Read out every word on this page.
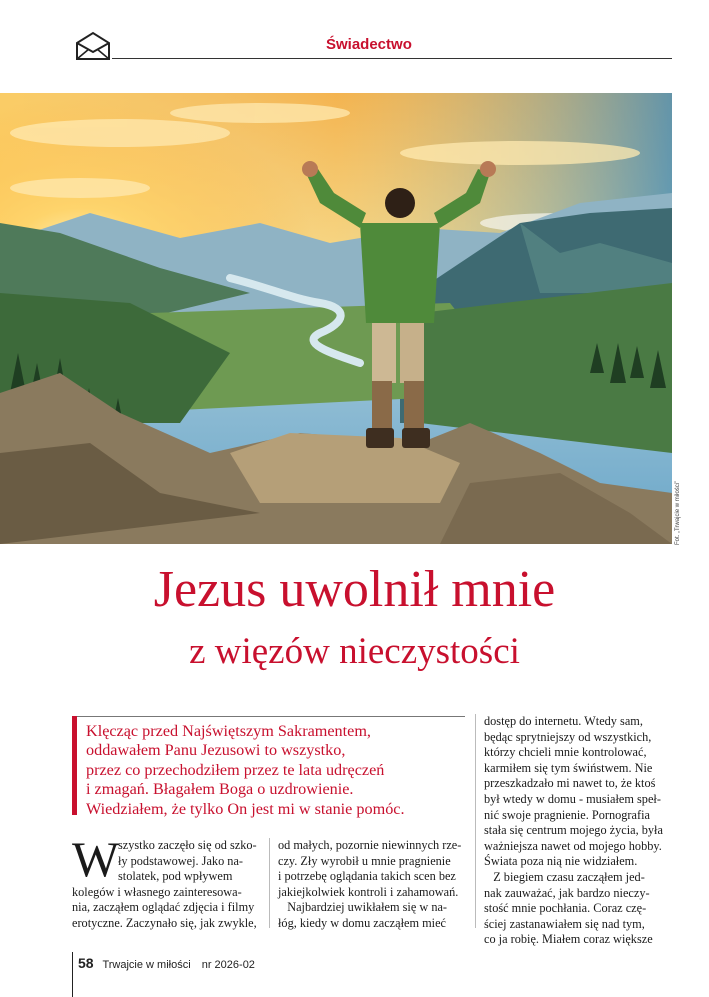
Świadectwo
Fot. „Trwajcie w miłości”
Jezus uwolnił mnie
z więzów nieczystości
Klęcząc przed Najświętszym Sakramentem,
oddawałem Panu Jezusowi to wszystko,
przez co przechodziłem przez te lata udręczeń
i zmagań. Błagałem Boga o uzdrowienie.
Wiedziałem, że tylko On jest mi w stanie pomóc.
W
szystko zaczęło się od szko-
ły podstawowej. Jako na-
stolatek, pod wpływem
kolegów i własnego zainteresowa-
nia, zacząłem oglądać zdjęcia i filmy
erotyczne. Zaczynało się, jak zwykle,
od małych, pozornie niewinnych rze-
czy. Zły wyrobił u mnie pragnienie
i potrzebę oglądania takich scen bez
jakiejkolwiek kontroli i zahamowań.
Najbardziej uwikłałem się w na-
łóg, kiedy w domu zacząłem mieć
dostęp do internetu. Wtedy sam,
będąc sprytniejszy od wszystkich,
którzy chcieli mnie kontrolować,
karmiłem się tym świństwem. Nie
przeszkadzało mi nawet to, że ktoś
był wtedy w domu - musiałem speł-
nić swoje pragnienie. Pornografia
stała się centrum mojego życia, była
ważniejsza nawet od mojego hobby.
Świata poza nią nie widziałem.
Z biegiem czasu zacząłem jed-
nak zauważać, jak bardzo nieczy-
stość mnie pochłania. Coraz czę-
ściej zastanawiałem się nad tym,
co ja robię. Miałem coraz większe
58 Trwajcie w miłości nr 2026-02
